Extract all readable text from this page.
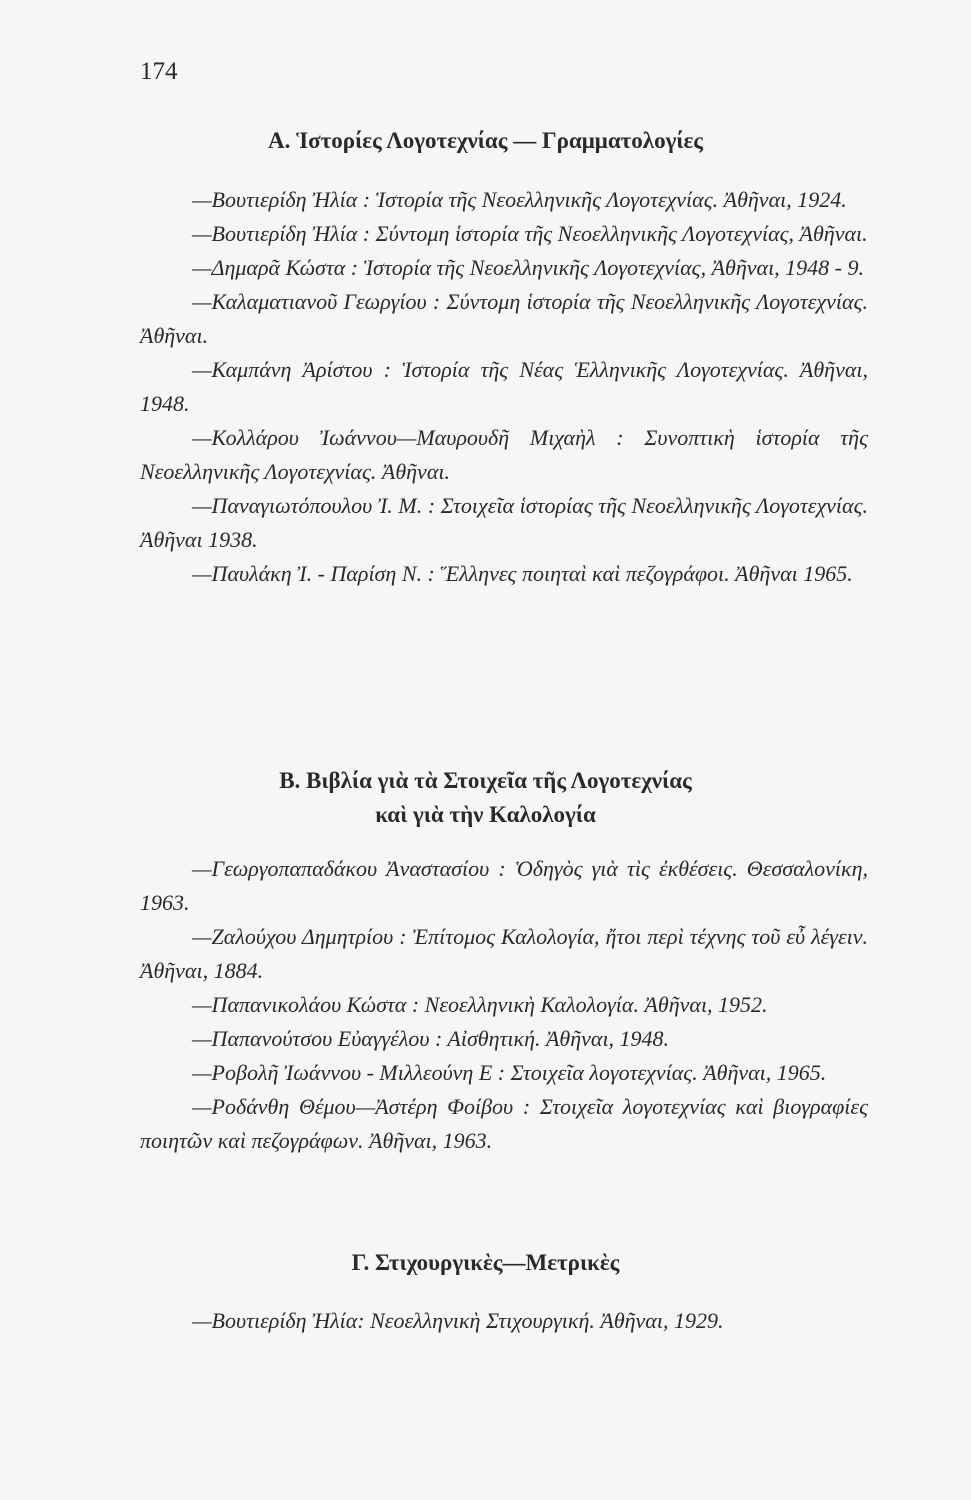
174
Α. Ἱστορίες Λογοτεχνίας — Γραμματολογίες

—Βουτιερίδη Ἠλία : Ἱστορία τῆς Νεοελληνικῆς Λογοτεχνίας. Ἀθῆναι, 1924.

—Βουτιερίδη Ἠλία : Σύντομη ἱστορία τῆς Νεοελληνικῆς Λογοτεχνίας, Ἀθῆναι.

—Δημαρᾶ Κώστα : Ἱστορία τῆς Νεοελληνικῆς Λογοτεχνίας, Ἀθῆναι, 1948 - 9.

—Καλαματιανοῦ Γεωργίου : Σύντομη ἱστορία τῆς Νεοελληνικῆς Λογοτεχνίας. Ἀθῆναι.

—Καμπάνη Ἀρίστου : Ἱστορία τῆς Νέας Ἑλληνικῆς Λογοτεχνίας. Ἀθῆναι, 1948.

—Κολλάρου Ἰωάννου—Μαυρουδῆ Μιχαὴλ : Συνοπτικὴ ἱστορία τῆς Νεοελληνικῆς Λογοτεχνίας. Ἀθῆναι.

—Παναγιωτόπουλου Ἰ. Μ. : Στοιχεῖα ἱστορίας τῆς Νεοελληνικῆς Λογοτεχνίας. Ἀθῆναι 1938.

—Παυλάκη Ἰ. - Παρίση Ν. : Ἕλληνες ποιηταὶ καὶ πεζογράφοι. Ἀθῆναι 1965.

Β. Βιβλία γιὰ τὰ Στοιχεῖα τῆς Λογοτεχνίας
καὶ γιὰ τὴν Καλολογία

—Γεωργοπαπαδάκου Ἀναστασίου : Ὁδηγὸς γιὰ τὶς ἐκθέσεις. Θεσσαλονίκη, 1963.

—Ζαλούχου Δημητρίου : Ἐπίτομος Καλολογία, ἤτοι περὶ τέχνης τοῦ εὖ λέγειν. Ἀθῆναι, 1884.

—Παπανικολάου Κώστα : Νεοελληνικὴ Καλολογία. Ἀθῆναι, 1952.

—Παπανούτσου Εὐαγγέλου : Αἰσθητική. Ἀθῆναι, 1948.

—Ροβολῆ Ἰωάννου - Μιλλεούνη Ε : Στοιχεῖα λογοτεχνίας. Ἀθῆναι, 1965.

—Ροδάνθη Θέμου—Ἀστέρη Φοίβου : Στοιχεῖα λογοτεχνίας καὶ βιογραφίες ποιητῶν καὶ πεζογράφων. Ἀθῆναι, 1963.

Γ. Στιχουργικὲς—Μετρικὲς

—Βουτιερίδη Ἠλία: Νεοελληνικὴ Στιχουργική. Ἀθῆναι, 1929.
